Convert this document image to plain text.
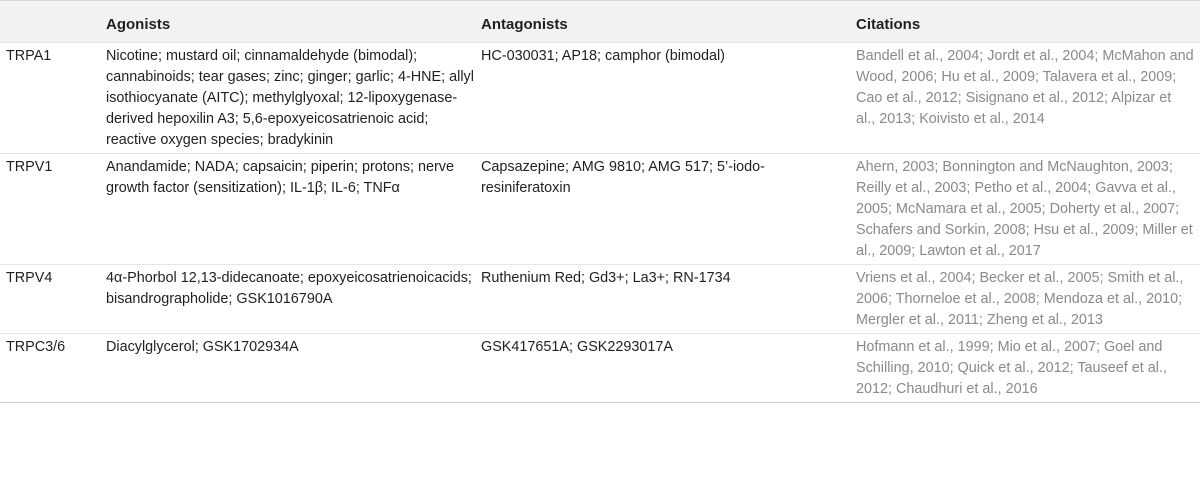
	Agonists	Antagonists	Citations
TRPA1	Nicotine; mustard oil; cinnamaldehyde (bimodal); cannabinoids; tear gases; zinc; ginger; garlic; 4-HNE; allyl isothiocyanate (AITC); methylglyoxal; 12-lipoxygenase-derived hepoxilin A3; 5,6-epoxyeicosatrienoic acid; reactive oxygen species; bradykinin	HC-030031; AP18; camphor (bimodal)	Bandell et al., 2004; Jordt et al., 2004; McMahon and Wood, 2006; Hu et al., 2009; Talavera et al., 2009; Cao et al., 2012; Sisignano et al., 2012; Alpizar et al., 2013; Koivisto et al., 2014
TRPV1	Anandamide; NADA; capsaicin; piperin; protons; nerve growth factor (sensitization); IL-1β; IL-6; TNFα	Capsazepine; AMG 9810; AMG 517; 5’-iodo-resiniferatoxin	Ahern, 2003; Bonnington and McNaughton, 2003; Reilly et al., 2003; Petho et al., 2004; Gavva et al., 2005; McNamara et al., 2005; Doherty et al., 2007; Schafers and Sorkin, 2008; Hsu et al., 2009; Miller et al., 2009; Lawton et al., 2017
TRPV4	4α-Phorbol 12,13-didecanoate; epoxyeicosatrienoicacids; bisandrographolide; GSK1016790A	Ruthenium Red; Gd3+; La3+; RN-1734	Vriens et al., 2004; Becker et al., 2005; Smith et al., 2006; Thorneloe et al., 2008; Mendoza et al., 2010; Mergler et al., 2011; Zheng et al., 2013
TRPC3/6	Diacylglycerol; GSK1702934A	GSK417651A; GSK2293017A	Hofmann et al., 1999; Mio et al., 2007; Goel and Schilling, 2010; Quick et al., 2012; Tauseef et al., 2012; Chaudhuri et al., 2016
